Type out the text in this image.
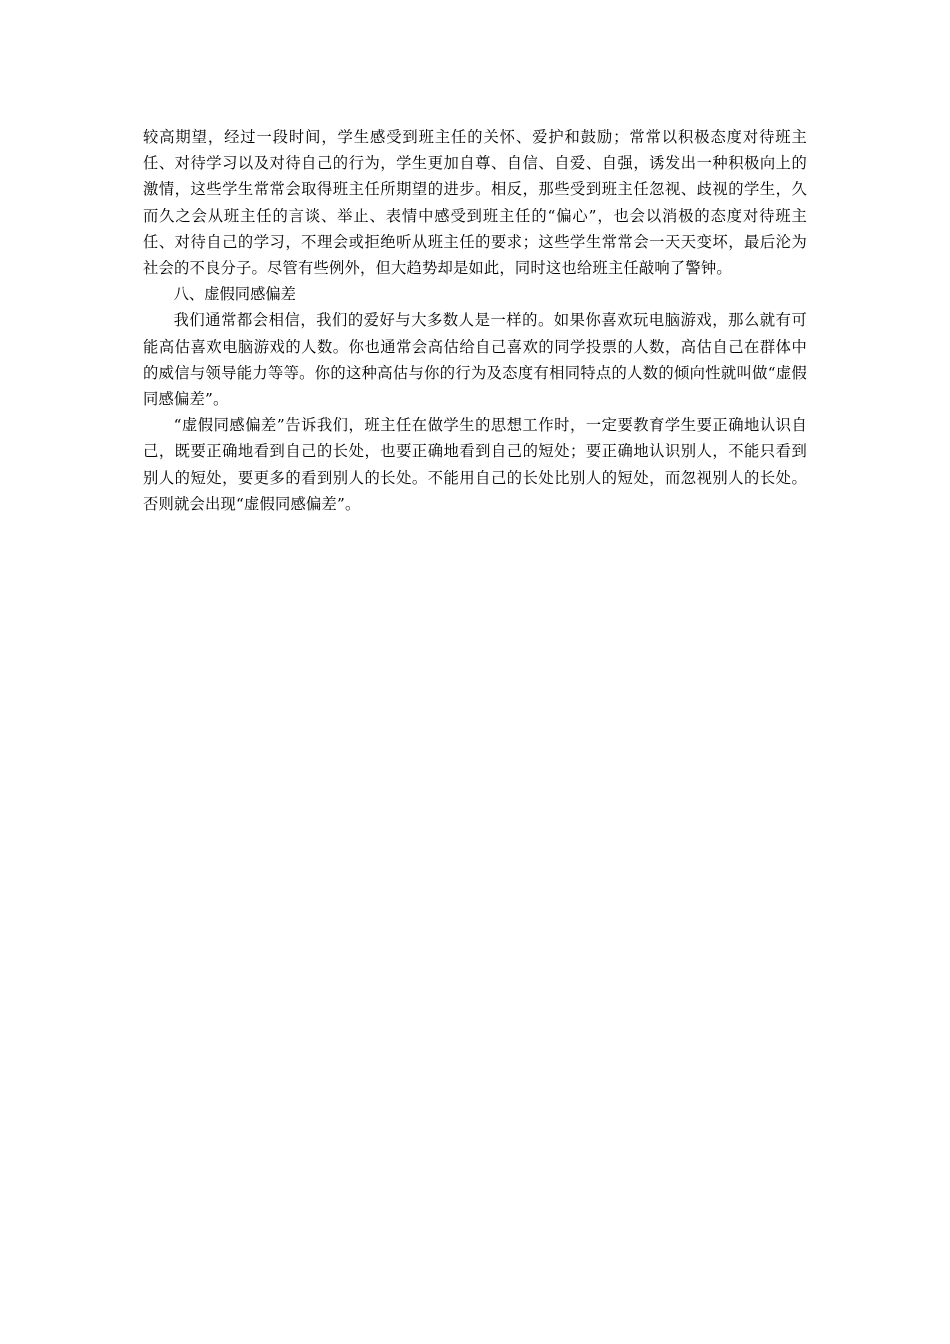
较高期望，经过一段时间，学生感受到班主任的关怀、爱护和鼓励；常常以积极态度对待班主任、对待学习以及对待自己的行为，学生更加自尊、自信、自爱、自强，诱发出一种积极向上的激情，这些学生常常会取得班主任所期望的进步。相反，那些受到班主任忽视、歧视的学生，久而久之会从班主任的言谈、举止、表情中感受到班主任的“偏心”，也会以消极的态度对待班主任、对待自己的学习，不理会或拒绝听从班主任的要求；这些学生常常会一天天变坏，最后沦为社会的不良分子。尽管有些例外，但大趋势却是如此，同时这也给班主任敲响了警钟。

八、虚假同感偏差

我们通常都会相信，我们的爱好与大多数人是一样的。如果你喜欢玩电脑游戏，那么就有可能高估喜欢电脑游戏的人数。你也通常会高估给自己喜欢的同学投票的人数，高估自己在群体中的威信与领导能力等等。你的这种高估与你的行为及态度有相同特点的人数的倾向性就叫做“虚假同感偏差”。

“虚假同感偏差”告诉我们，班主任在做学生的思想工作时，一定要教育学生要正确地认识自己，既要正确地看到自己的长处，也要正确地看到自己的短处；要正确地认识别人，不能只看到别人的短处，要更多的看到别人的长处。不能用自己的长处比别人的短处，而忽视别人的长处。否则就会出现“虚假同感偏差”。
